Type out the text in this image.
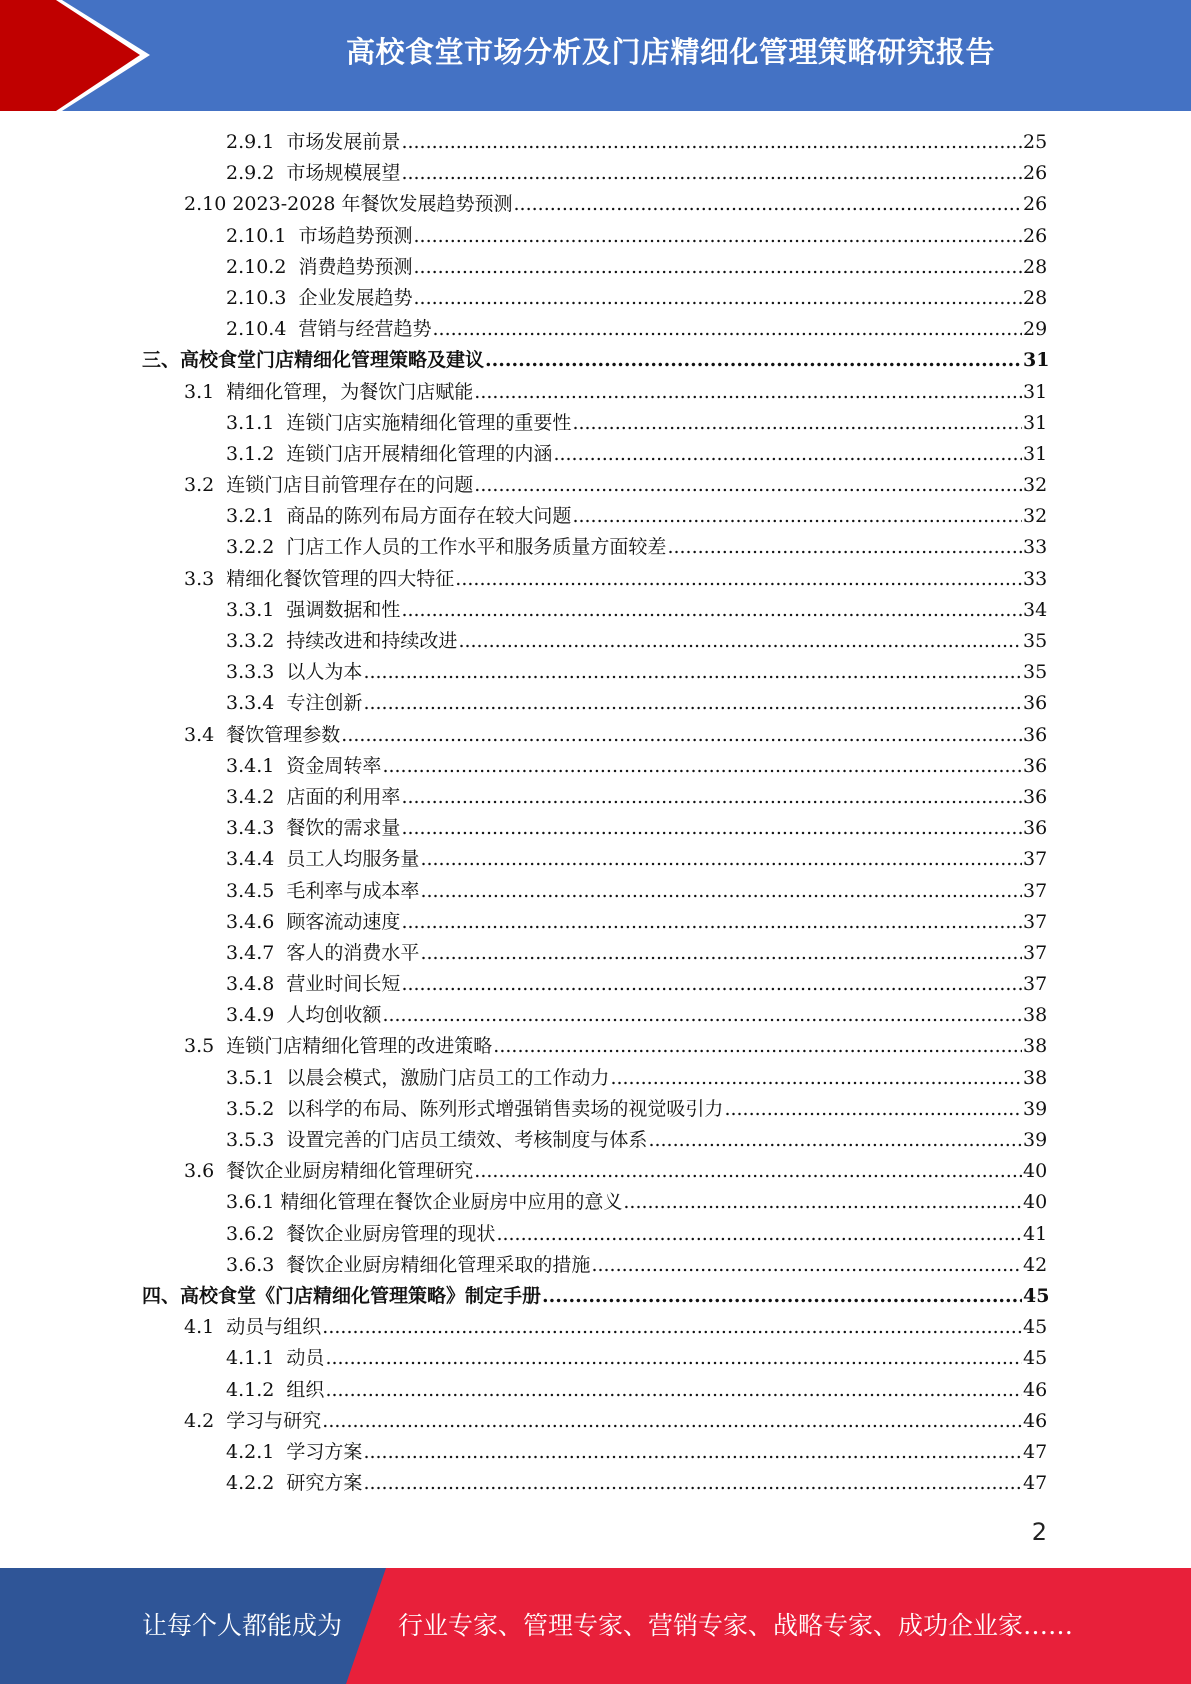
高校食堂市场分析及门店精细化管理策略研究报告
2.9.1  市场发展前景 .....	25
2.9.2  市场规模展望 .....	26
2.10 2023-2028 年餐饮发展趋势预测 .....	26
2.10.1  市场趋势预测 .....	26
2.10.2  消费趋势预测 .....	28
2.10.3  企业发展趋势 .....	28
2.10.4  营销与经营趋势 .....	29
三、高校食堂门店精细化管理策略及建议 .....	31
3.1  精细化管理，为餐饮门店赋能 .....	31
3.1.1  连锁门店实施精细化管理的重要性 .....	31
3.1.2  连锁门店开展精细化管理的内涵 .....	31
3.2  连锁门店目前管理存在的问题 .....	32
3.2.1  商品的陈列布局方面存在较大问题 .....	32
3.2.2  门店工作人员的工作水平和服务质量方面较差 .....	33
3.3  精细化餐饮管理的四大特征 .....	33
3.3.1  强调数据和性 .....	34
3.3.2  持续改进和持续改进 .....	35
3.3.3  以人为本 .....	35
3.3.4  专注创新 .....	36
3.4  餐饮管理参数 .....	36
3.4.1  资金周转率 .....	36
3.4.2  店面的利用率 .....	36
3.4.3  餐饮的需求量 .....	36
3.4.4  员工人均服务量 .....	37
3.4.5  毛利率与成本率 .....	37
3.4.6  顾客流动速度 .....	37
3.4.7  客人的消费水平 .....	37
3.4.8  营业时间长短 .....	37
3.4.9  人均创收额 .....	38
3.5  连锁门店精细化管理的改进策略 .....	38
3.5.1  以晨会模式，激励门店员工的工作动力 .....	38
3.5.2  以科学的布局、陈列形式增强销售卖场的视觉吸引力 .....	39
3.5.3  设置完善的门店员工绩效、考核制度与体系 .....	39
3.6  餐饮企业厨房精细化管理研究 .....	40
3.6.1 精细化管理在餐饮企业厨房中应用的意义 .....	40
3.6.2  餐饮企业厨房管理的现状 .....	41
3.6.3  餐饮企业厨房精细化管理采取的措施 .....	42
四、高校食堂《门店精细化管理策略》制定手册 .....	45
4.1  动员与组织 .....	45
4.1.1  动员 .....	45
4.1.2  组织 .....	46
4.2  学习与研究 .....	46
4.2.1  学习方案 .....	47
4.2.2  研究方案 .....	47
2
让每个人都能成为 行业专家、管理专家、营销专家、战略专家、成功企业家……
